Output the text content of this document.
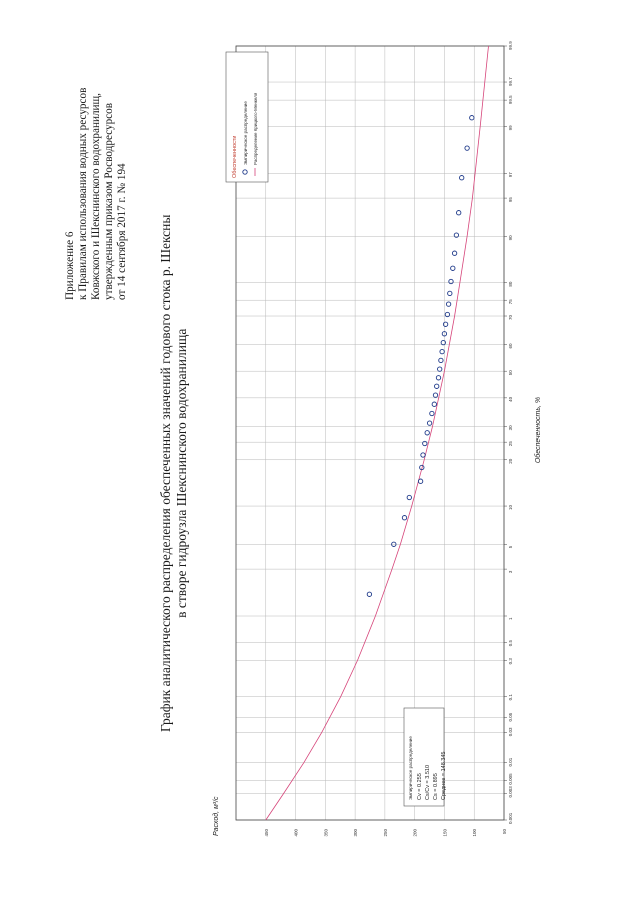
Приложение 6 к Правилам использования водных ресурсов Ковжского и Шекснинского водохранилищ, утвержденным приказом Росводресурсов от 14 сентября 2017 г. № 194 График аналитического распределения обеспеченных значений годового стока р. Шексны в створе гидроузла Шекснинского водохранилища
0.001
0.003
0.005
0.01
0.03
0.05
0.1
0.3
0.5
1
3
5
10
20
25
30
40
50
60
70
75
80
90
95
97
99
99.5
99.7
99.9
50
100
150
200
250
300
350
400
450
Обеспеченность, %
Расход, м³/с
Обеспеченности Эмпирическое распределение Распределение Крицкого-Менкеля
Эмпирическое распределение Cv = 0.255 Cs/Cv = 3.510 Cs = 0.895 Среднее = 148.345
